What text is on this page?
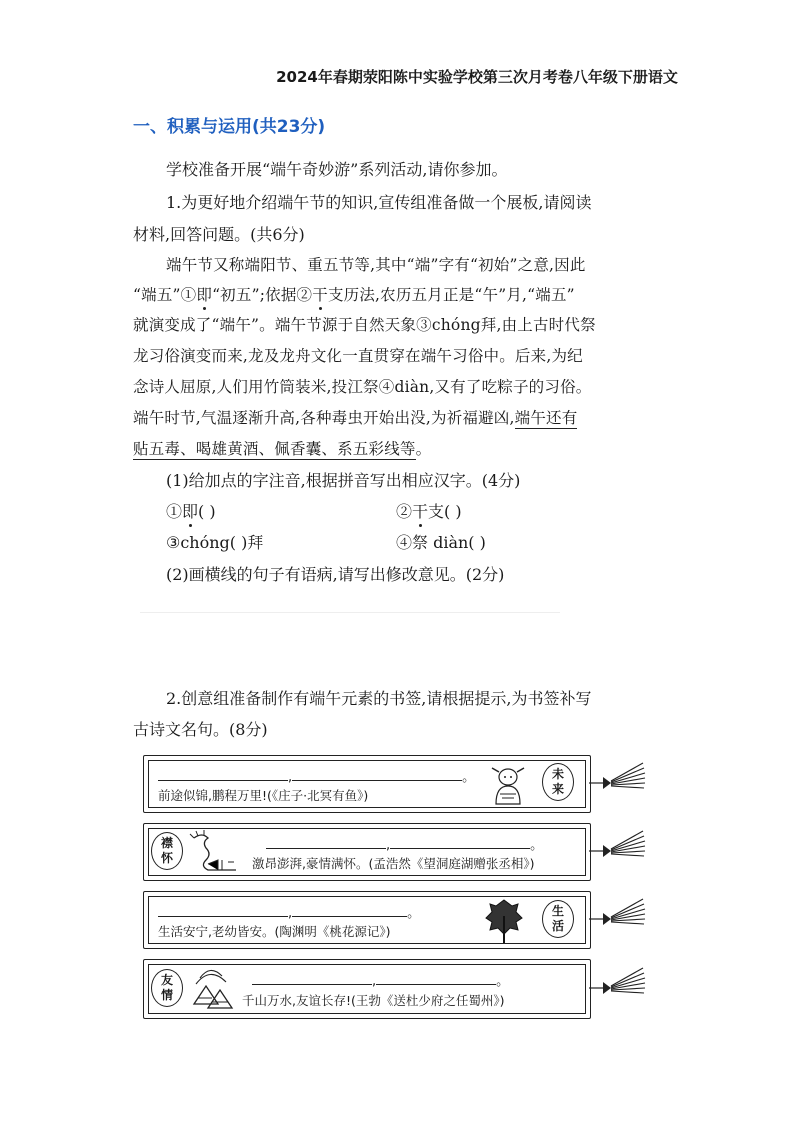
2024年春期荥阳陈中实验学校第三次月考卷八年级下册语文
一、积累与运用(共23分)
学校准备开展“端午奇妙游”系列活动,请你参加。
1.为更好地介绍端午节的知识,宣传组准备做一个展板,请阅读
材料,回答问题。(共6分)
端午节又称端阳节、重五节等,其中“端”字有“初始”之意,因此
“端五”①即“初五”;依据②干支历法,农历五月正是“午”月,“端五”
就演变成了“端午”。端午节源于自然天象③chóng拜,由上古时代祭
龙习俗演变而来,龙及龙舟文化一直贯穿在端午习俗中。后来,为纪
念诗人屈原,人们用竹筒装米,投江祭④diàn,又有了吃粽子的习俗。
端午时节,气温逐渐升高,各种毒虫开始出没,为祈福避凶,端午还有
贴五毒、喝雄黄酒、佩香囊、系五彩线等。
(1)给加点的字注音,根据拼音写出相应汉字。(4分)
①即( )	②干支( )
③chóng( )拜	④祭 diàn( )
(2)画横线的句子有语病,请写出修改意见。(2分)
2.创意组准备制作有端午元素的书签,请根据提示,为书签补写
古诗文名句。(8分)
,	。
前途似锦,鹏程万里!(《庄子·北冥有鱼》)
未
来
襟
怀
,	。
激昂澎湃,豪情满怀。(孟浩然《望洞庭湖赠张丞相》)
,	。
生活安宁,老幼皆安。(陶渊明《桃花源记》)
生
活
友
情
,	。
千山万水,友谊长存!(王勃《送杜少府之任蜀州》)
